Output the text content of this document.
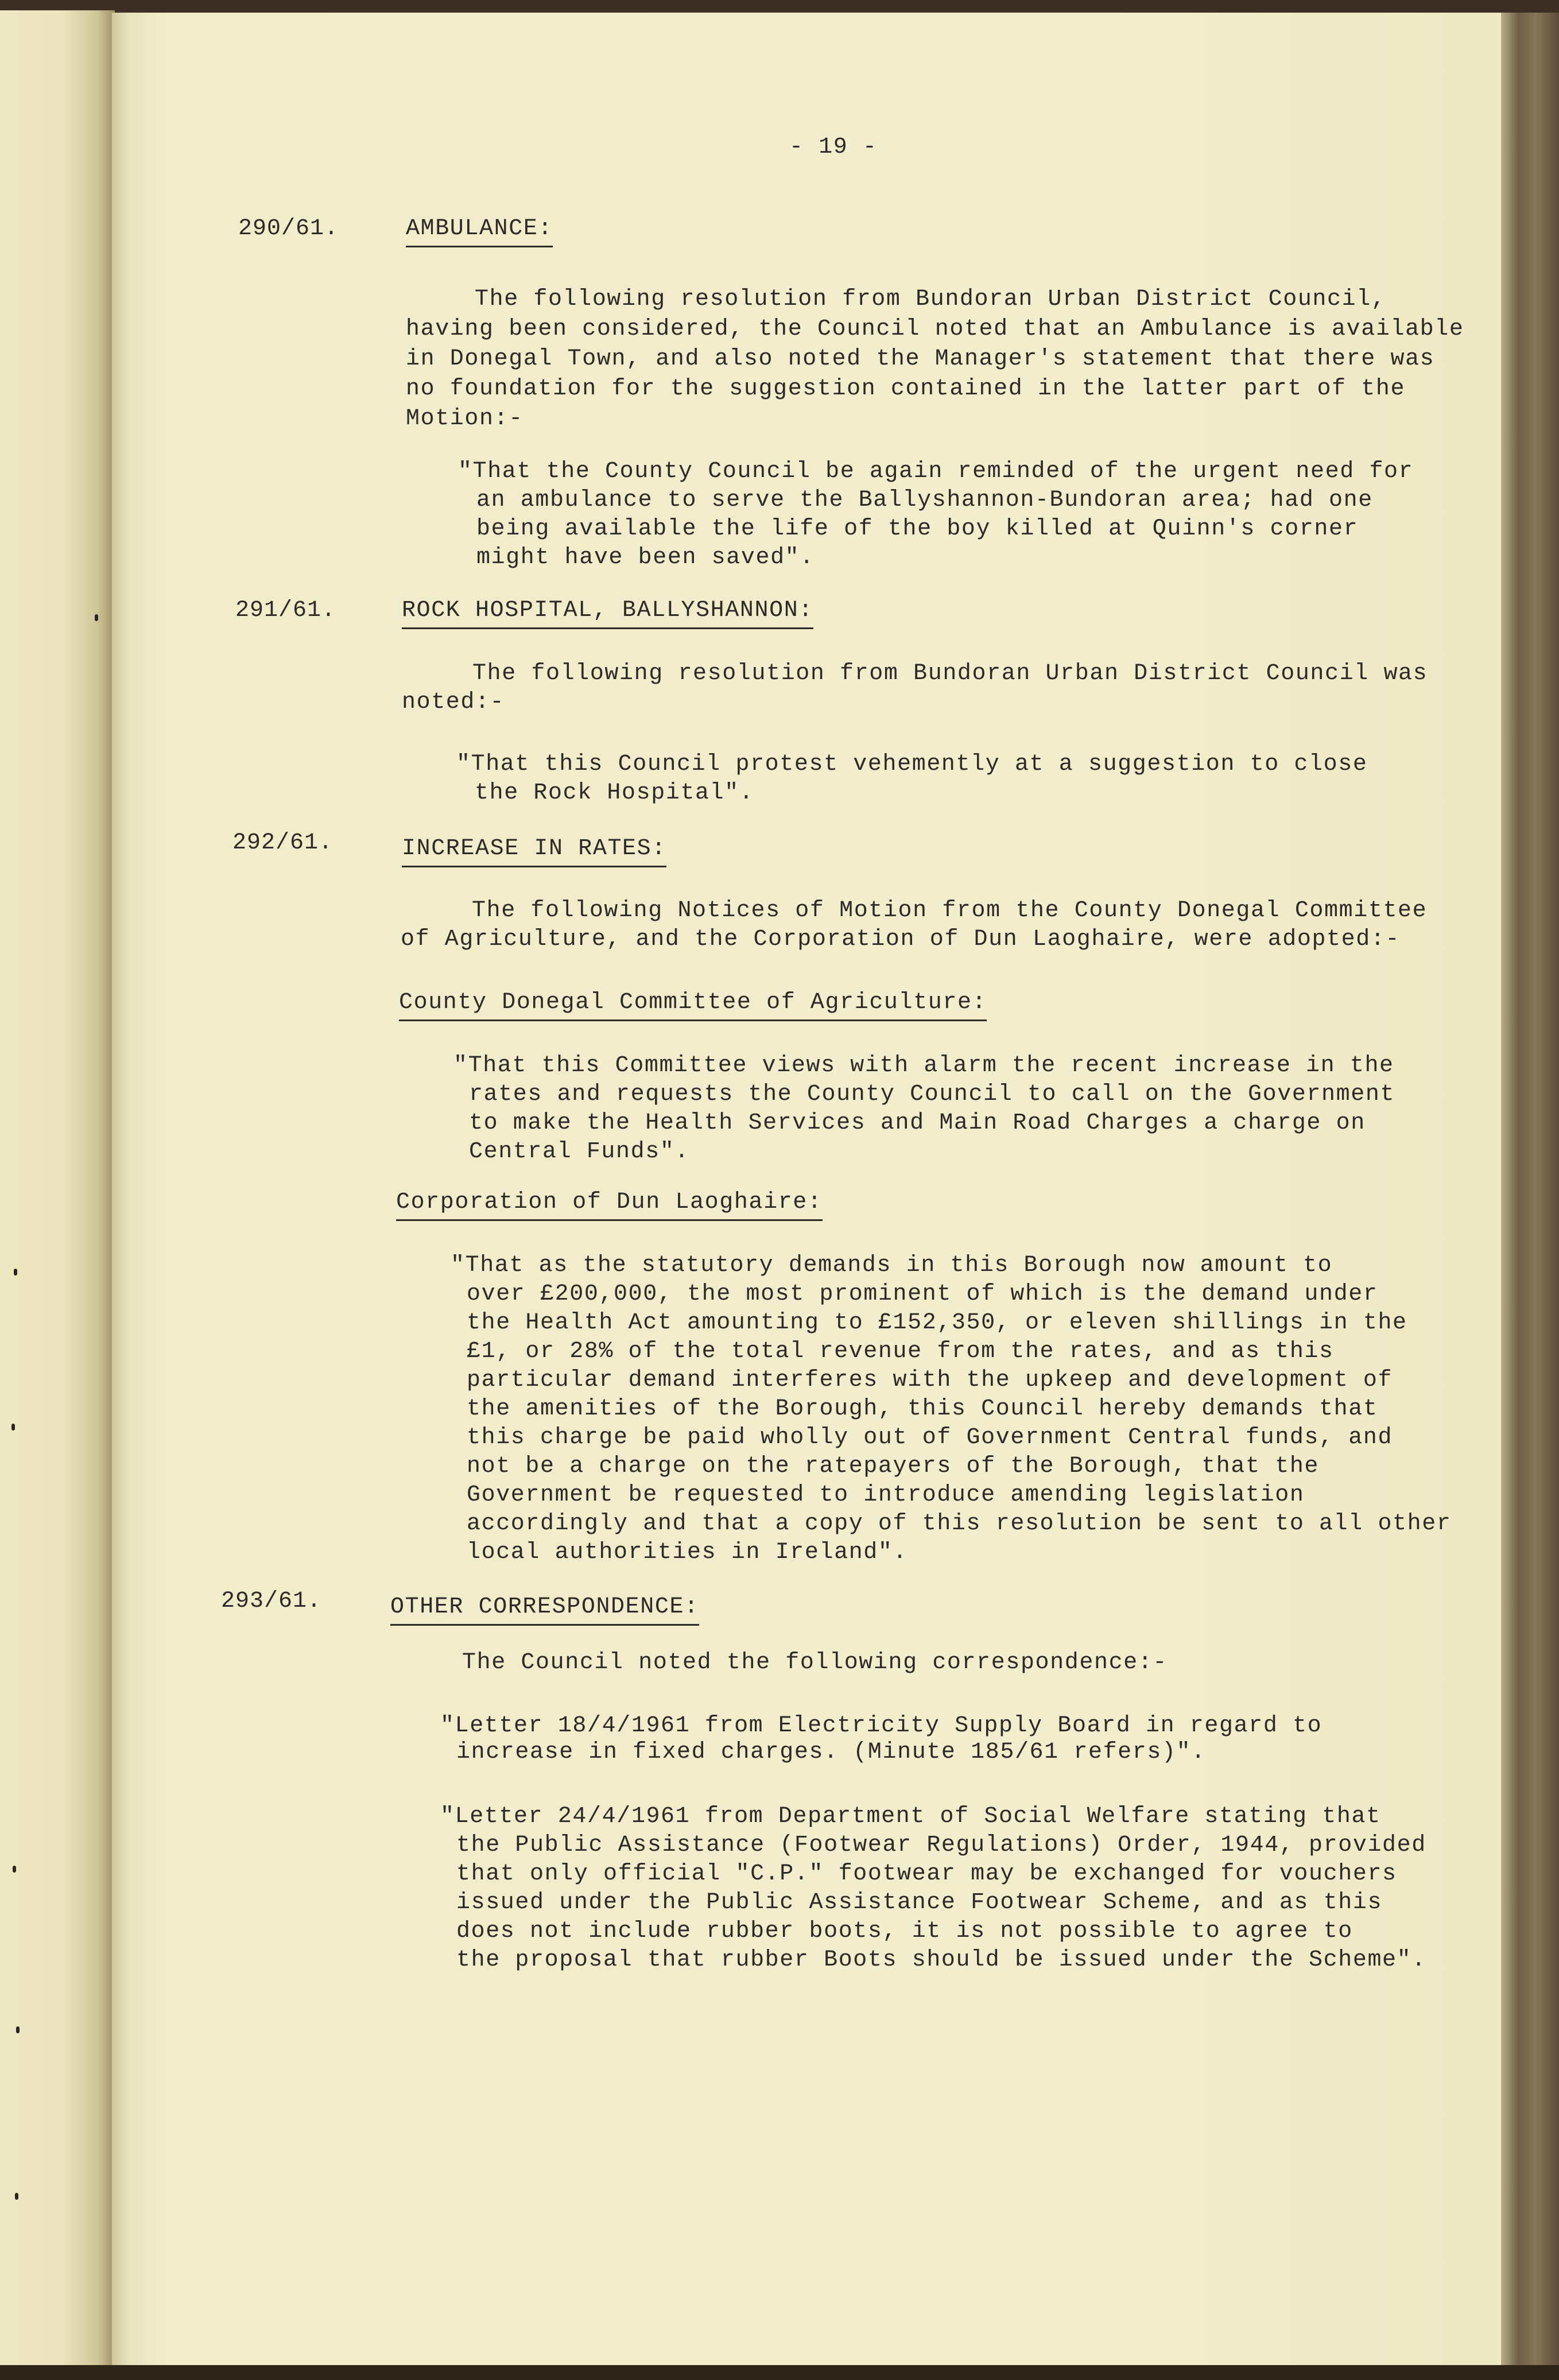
- 19 -
290/61.	AMBULANCE:
The following resolution from Bundoran Urban District Council,
having been considered, the Council noted that an Ambulance is available
in Donegal Town, and also noted the Manager's statement that there was
no foundation for the suggestion contained in the latter part of the
Motion:-
"That the County Council be again reminded of the urgent need for
an ambulance to serve the Ballyshannon-Bundoran area; had one
being available the life of the boy killed at Quinn's corner
might have been saved".
291/61.	ROCK HOSPITAL, BALLYSHANNON:
The following resolution from Bundoran Urban District Council was
noted:-
"That this Council protest vehemently at a suggestion to close
the Rock Hospital".
292/61.	INCREASE IN RATES:
The following Notices of Motion from the County Donegal Committee
of Agriculture, and the Corporation of Dun Laoghaire, were adopted:-
County Donegal Committee of Agriculture:
"That this Committee views with alarm the recent increase in the
rates and requests the County Council to call on the Government
to make the Health Services and Main Road Charges a charge on
Central Funds".
Corporation of Dun Laoghaire:
"That as the statutory demands in this Borough now amount to
over £200,000, the most prominent of which is the demand under
the Health Act amounting to £152,350, or eleven shillings in the
£1, or 28% of the total revenue from the rates, and as this
particular demand interferes with the upkeep and development of
the amenities of the Borough, this Council hereby demands that
this charge be paid wholly out of Government Central funds, and
not be a charge on the ratepayers of the Borough, that the
Government be requested to introduce amending legislation
accordingly and that a copy of this resolution be sent to all other
local authorities in Ireland".
293/61.	OTHER CORRESPONDENCE:
The Council noted the following correspondence:-
"Letter 18/4/1961 from Electricity Supply Board in regard to
increase in fixed charges. (Minute 185/61 refers)".
"Letter 24/4/1961 from Department of Social Welfare stating that
the Public Assistance (Footwear Regulations) Order, 1944, provided
that only official "C.P." footwear may be exchanged for vouchers
issued under the Public Assistance Footwear Scheme, and as this
does not include rubber boots, it is not possible to agree to
the proposal that rubber Boots should be issued under the Scheme".
